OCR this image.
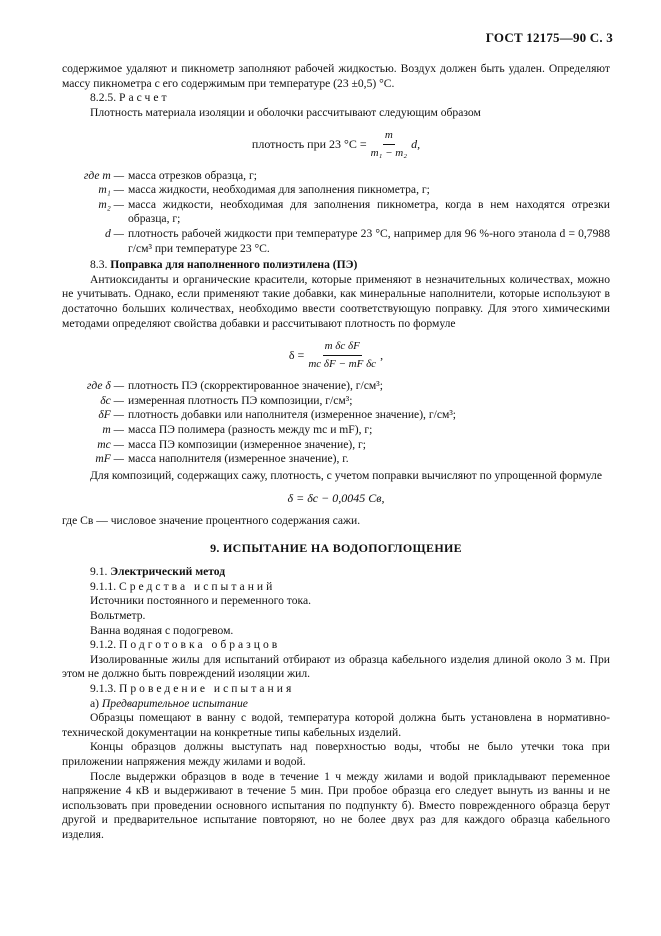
ГОСТ 12175—90 С. 3

содержимое удаляют и пикнометр заполняют рабочей жидкостью. Воздух должен быть удален. Определяют массу пикнометра с его содержимым при температуре (23 ±0,5) °С.

8.2.5. Расчет

Плотность материала изоляции и оболочки рассчитывают следующим образом

плотность при 23 $^\circ С = \frac{m}{\text{m₁ − m₂}} d$,
где m — масса отрезков образца, г;
m₁ — масса жидкости, необходимая для заполнения пикнометра, г;
m₂ — масса жидкости, необходимая для заполнения пикнометра, когда в нем находятся отрезки образца, г;
d — плотность рабочей жидкости при температуре 23 °С, например для 96 %-ного этанола d = 0,7988 г/см³ при температуре 23 °С.

8.3. Поправка для наполненного полиэтилена (ПЭ)

Антиоксиданты и органические красители, которые применяют в незначительных количествах, можно не учитывать. Однако, если применяют такие добавки, как минеральные наполнители, которые используют в достаточно больших количествах, необходимо ввести соответствующую поправку. Для этого химическими методами определяют свойства добавки и рассчитывают плотность по формуле

$\delta = \frac{\text{m δc δF}}{\text{mc δF − mF δc}}$ ,
где δ — плотность ПЭ (скорректированное значение), г/см³;
δc — измеренная плотность ПЭ композиции, г/см³;
δF — плотность добавки или наполнителя (измеренное значение), г/см³;
m — масса ПЭ полимера (разность между mc и mF), г;
mc — масса ПЭ композиции (измеренное значение), г;
mF — масса наполнителя (измеренное значение), г.

Для композиций, содержащих сажу, плотность, с учетом поправки вычисляют по упрощенной формуле

δ = δc − 0,0045 Cв,

где Cв — числовое значение процентного содержания сажи.

9. ИСПЫТАНИЕ НА ВОДОПОГЛОЩЕНИЕ

9.1. Электрический метод

9.1.1. Средства испытаний

Источники постоянного и переменного тока.

Вольтметр.

Ванна водяная с подогревом.

9.1.2. Подготовка образцов

Изолированные жилы для испытаний отбирают из образца кабельного изделия длиной около 3 м. При этом не должно быть повреждений изоляции жил.

9.1.3. Проведение испытания

а) Предварительное испытание

Образцы помещают в ванну с водой, температура которой должна быть установлена в нормативно-технической документации на конкретные типы кабельных изделий.

Концы образцов должны выступать над поверхностью воды, чтобы не было утечки тока при приложении напряжения между жилами и водой.

После выдержки образцов в воде в течение 1 ч между жилами и водой прикладывают переменное напряжение 4 кВ и выдерживают в течение 5 мин. При пробое образца его следует вынуть из ванны и не использовать при проведении основного испытания по подпункту б). Вместо поврежденного образца берут другой и предварительное испытание повторяют, но не более двух раз для каждого образца кабельного изделия.
